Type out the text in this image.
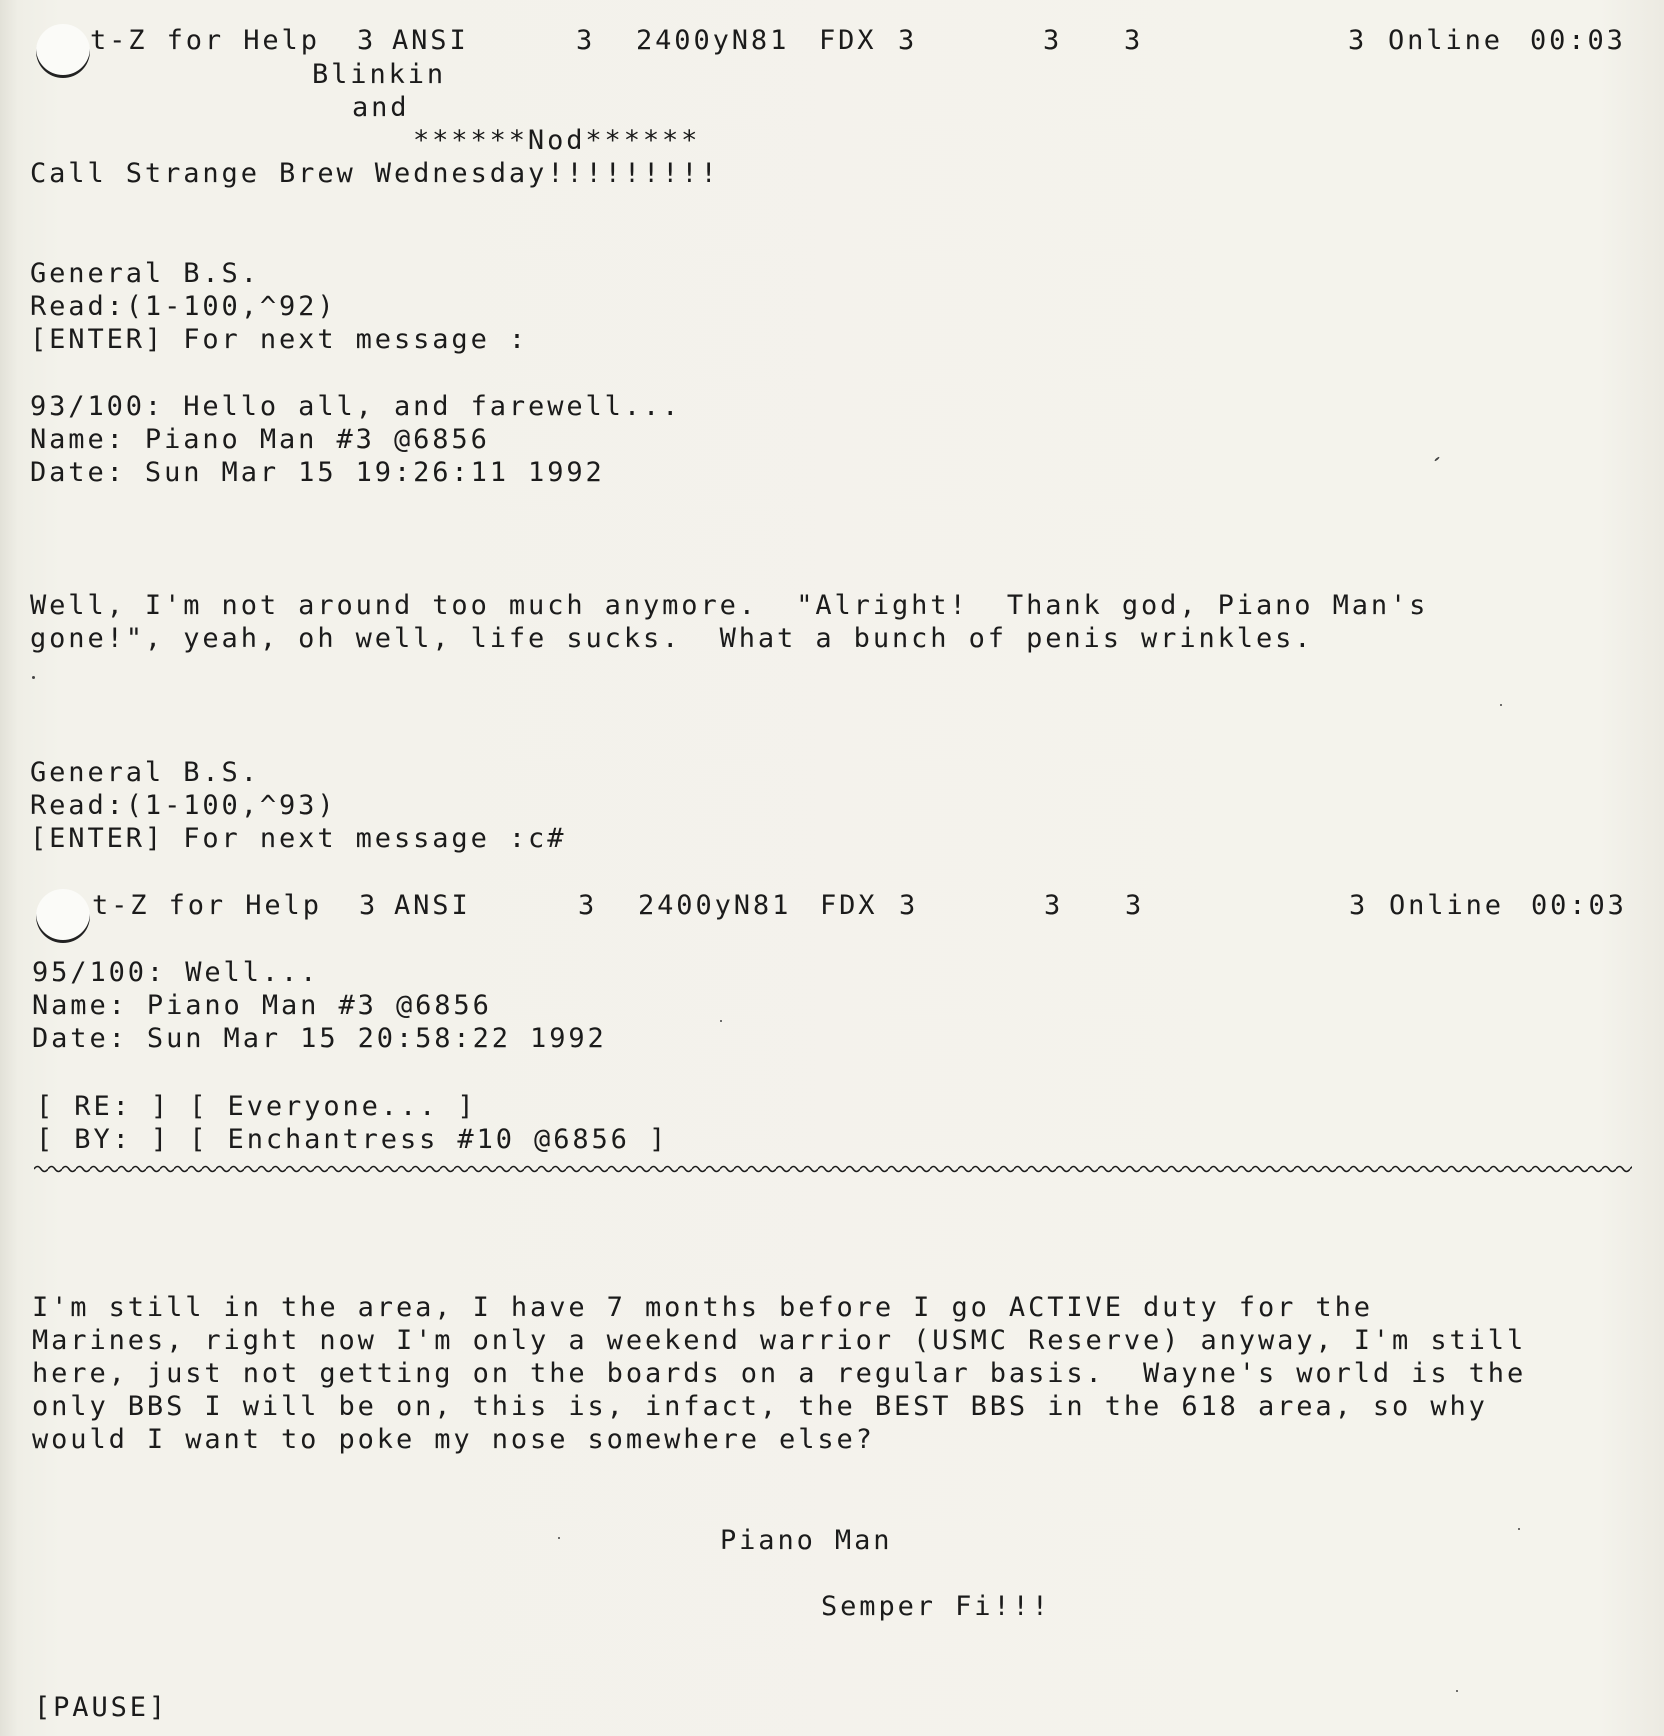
t-Z for Help 3 ANSI	3 2400yN81 FDX 3	3 3	3 Online 00:03
Blinkin
and
******Nod******
Call Strange Brew Wednesday!!!!!!!!!
General B.S.
Read:(1-100,^92)
[ENTER] For next message :
93/100: Hello all, and farewell...
Name: Piano Man #3 @6856
Date: Sun Mar 15 19:26:11 1992
Well, I'm not around too much anymore.  "Alright!  Thank god, Piano Man's
gone!", yeah, oh well, life sucks.  What a bunch of penis wrinkles.
General B.S.
Read:(1-100,^93)
[ENTER] For next message :c#
t-Z for Help 3 ANSI	3 2400yN81 FDX 3	3 3	3 Online 00:03
95/100: Well...
Name: Piano Man #3 @6856
Date: Sun Mar 15 20:58:22 1992
[ RE: ] [ Everyone... ]
[ BY: ] [ Enchantress #10 @6856 ]
I'm still in the area, I have 7 months before I go ACTIVE duty for the
Marines, right now I'm only a weekend warrior (USMC Reserve) anyway, I'm still
here, just not getting on the boards on a regular basis.  Wayne's world is the
only BBS I will be on, this is, infact, the BEST BBS in the 618 area, so why
would I want to poke my nose somewhere else?
Piano Man
Semper Fi!!!
[PAUSE]
